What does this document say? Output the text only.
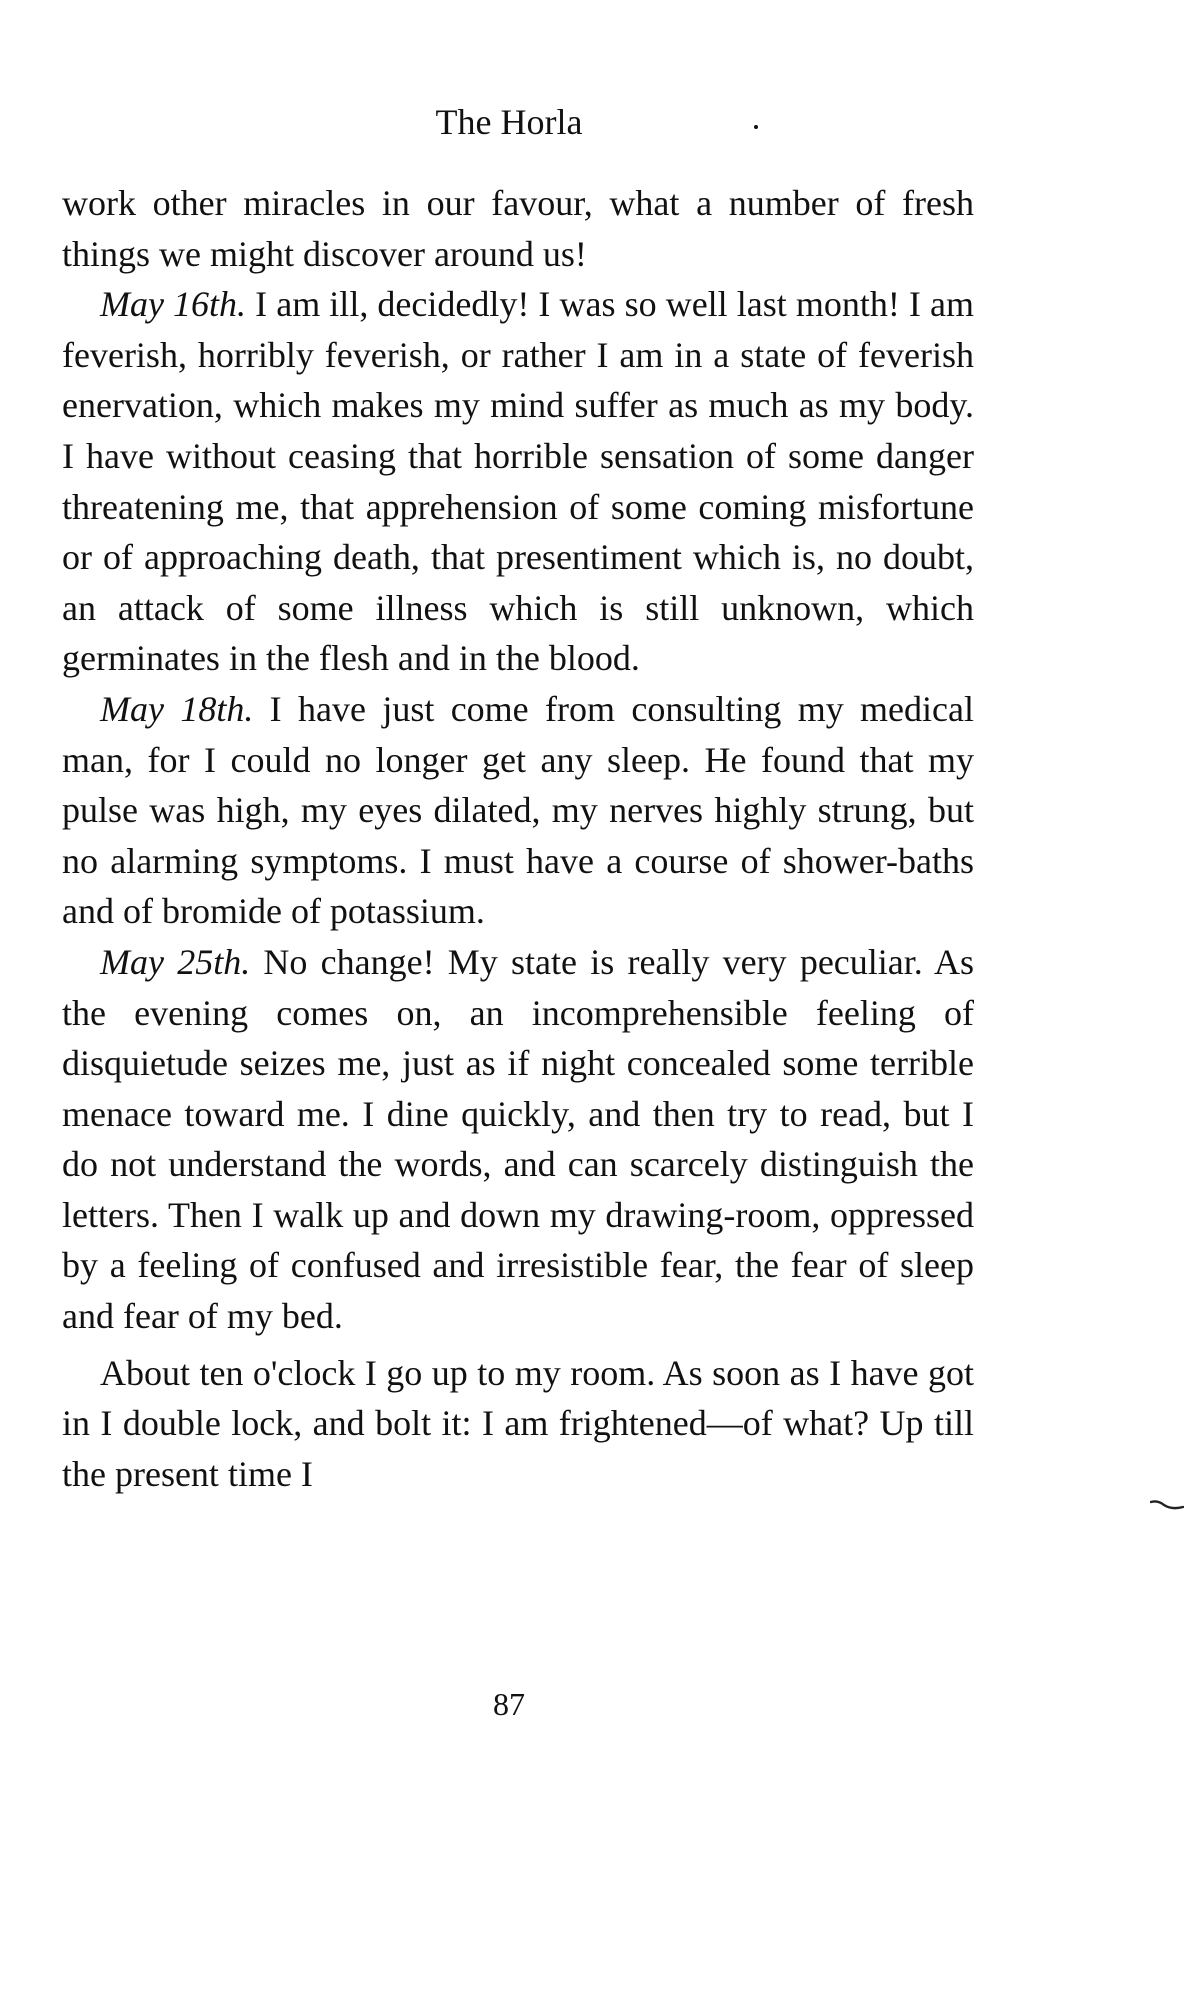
The Horla

work other miracles in our favour, what a number of fresh things we might discover around us!

May 16th. I am ill, decidedly! I was so well last month! I am feverish, horribly feverish, or rather I am in a state of feverish enervation, which makes my mind suffer as much as my body. I have without ceasing that horrible sensation of some danger threatening me, that apprehension of some coming misfortune or of approaching death, that presentiment which is, no doubt, an attack of some illness which is still unknown, which germinates in the flesh and in the blood.

May 18th. I have just come from consulting my medical man, for I could no longer get any sleep. He found that my pulse was high, my eyes dilated, my nerves highly strung, but no alarming symptoms. I must have a course of shower-baths and of bromide of potassium.

May 25th. No change! My state is really very peculiar. As the evening comes on, an incomprehensible feeling of disquietude seizes me, just as if night concealed some terrible menace toward me. I dine quickly, and then try to read, but I do not understand the words, and can scarcely distinguish the letters. Then I walk up and down my drawing-room, oppressed by a feeling of confused and irresistible fear, the fear of sleep and fear of my bed.

About ten o'clock I go up to my room. As soon as I have got in I double lock, and bolt it: I am frightened—of what? Up till the present time I

87
